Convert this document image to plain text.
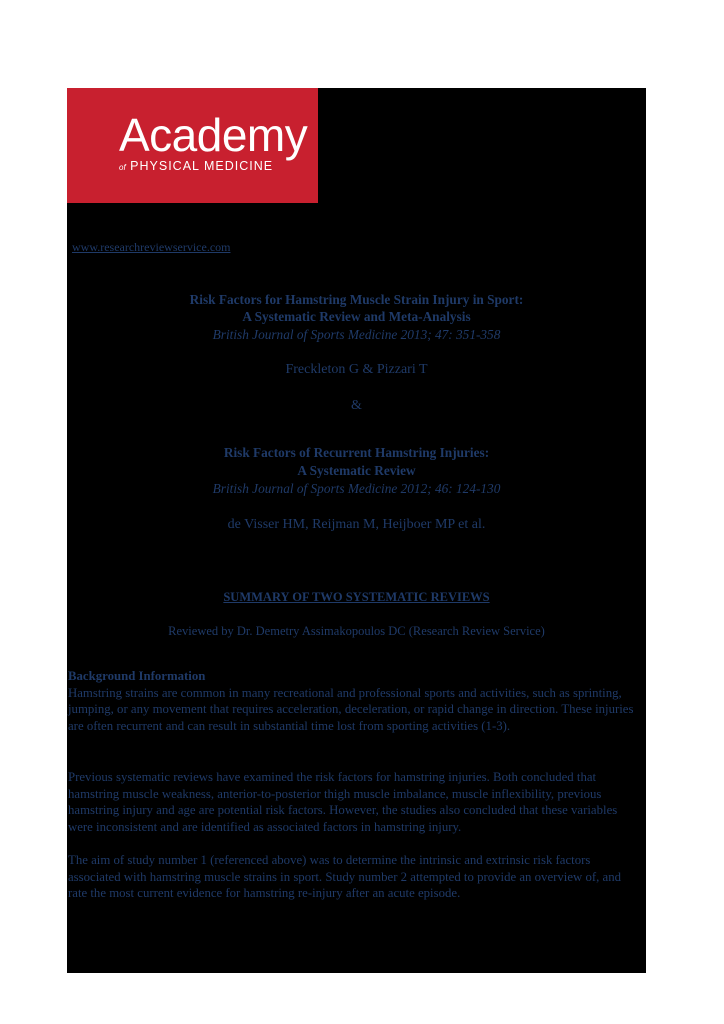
Academy
of PHYSICAL MEDICINE
www.researchreviewservice.com
Risk Factors for Hamstring Muscle Strain Injury in Sport:
A Systematic Review and Meta-Analysis
British Journal of Sports Medicine 2013; 47: 351-358
Freckleton G & Pizzari T
&
Risk Factors of Recurrent Hamstring Injuries:
A Systematic Review
British Journal of Sports Medicine 2012; 46: 124-130
de Visser HM, Reijman M, Heijboer MP et al.
SUMMARY OF TWO SYSTEMATIC REVIEWS
Reviewed by Dr. Demetry Assimakopoulos DC (Research Review Service)

Background Information

Hamstring strains are common in many recreational and professional sports and activities, such as sprinting, jumping, or any movement that requires acceleration, deceleration, or rapid change in direction. These injuries are often recurrent and can result in substantial time lost from sporting activities (1-3).

Previous systematic reviews have examined the risk factors for hamstring injuries. Both concluded that hamstring muscle weakness, anterior-to-posterior thigh muscle imbalance, muscle inflexibility, previous hamstring injury and age are potential risk factors. However, the studies also concluded that these variables were inconsistent and are identified as associated factors in hamstring injury.

The aim of study number 1 (referenced above) was to determine the intrinsic and extrinsic risk factors associated with hamstring muscle strains in sport. Study number 2 attempted to provide an overview of, and rate the most current evidence for hamstring re-injury after an acute episode.
